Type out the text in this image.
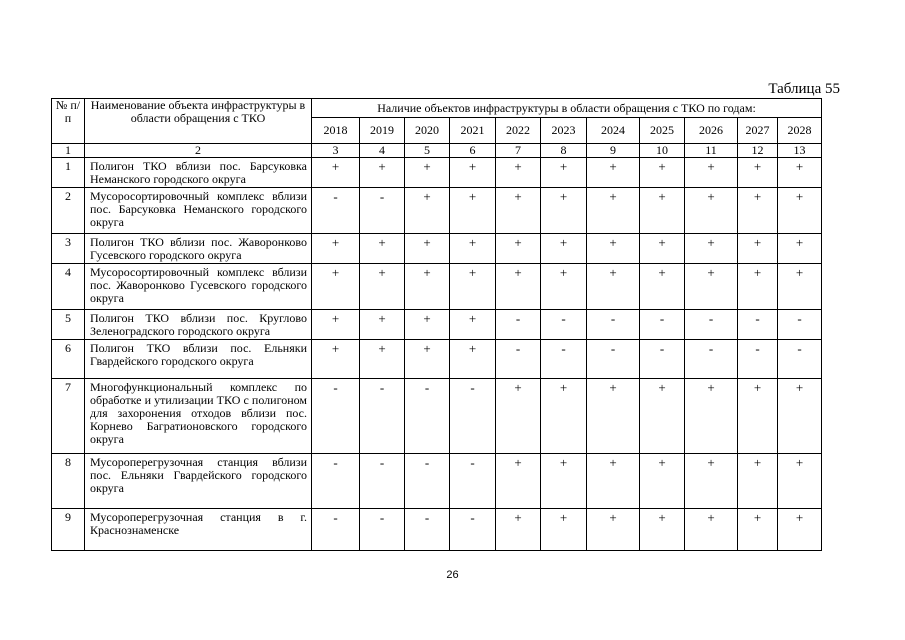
Таблица 55
№ п/п	Наименование объекта инфраструктуры в области обращения с ТКО	Наличие объектов инфраструктуры в области обращения с ТКО по годам:										
		2018	2019	2020	2021	2022	2023	2024	2025	2026	2027	2028
1	2	3	4	5	6	7	8	9	10	11	12	13
1	Полигон ТКО вблизи пос. Барсуковка Неманского городского округа	+	+	+	+	+	+	+	+	+	+	+
2	Мусоросортировочный комплекс вблизи пос. Барсуковка Неманского городского округа	-	-	+	+	+	+	+	+	+	+	+
3	Полигон ТКО вблизи пос. Жаворонково Гусевского городского округа	+	+	+	+	+	+	+	+	+	+	+
4	Мусоросортировочный комплекс вблизи пос. Жаворонково Гусевского городского округа	+	+	+	+	+	+	+	+	+	+	+
5	Полигон ТКО вблизи пос. Круглово Зеленоградского городского округа	+	+	+	+	-	-	-	-	-	-	-
6	Полигон ТКО вблизи пос. Ельняки Гвардейского городского округа	+	+	+	+	-	-	-	-	-	-	-
7	Многофункциональный комплекс по обработке и утилизации ТКО с полигоном для захоронения отходов вблизи пос. Корнево Багратионовского городского округа	-	-	-	-	+	+	+	+	+	+	+
8	Мусороперегрузочная станция вблизи пос. Ельняки Гвардейского городского округа	-	-	-	-	+	+	+	+	+	+	+
9	Мусороперегрузочная станция в г. Краснознаменске	-	-	-	-	+	+	+	+	+	+	+
26
